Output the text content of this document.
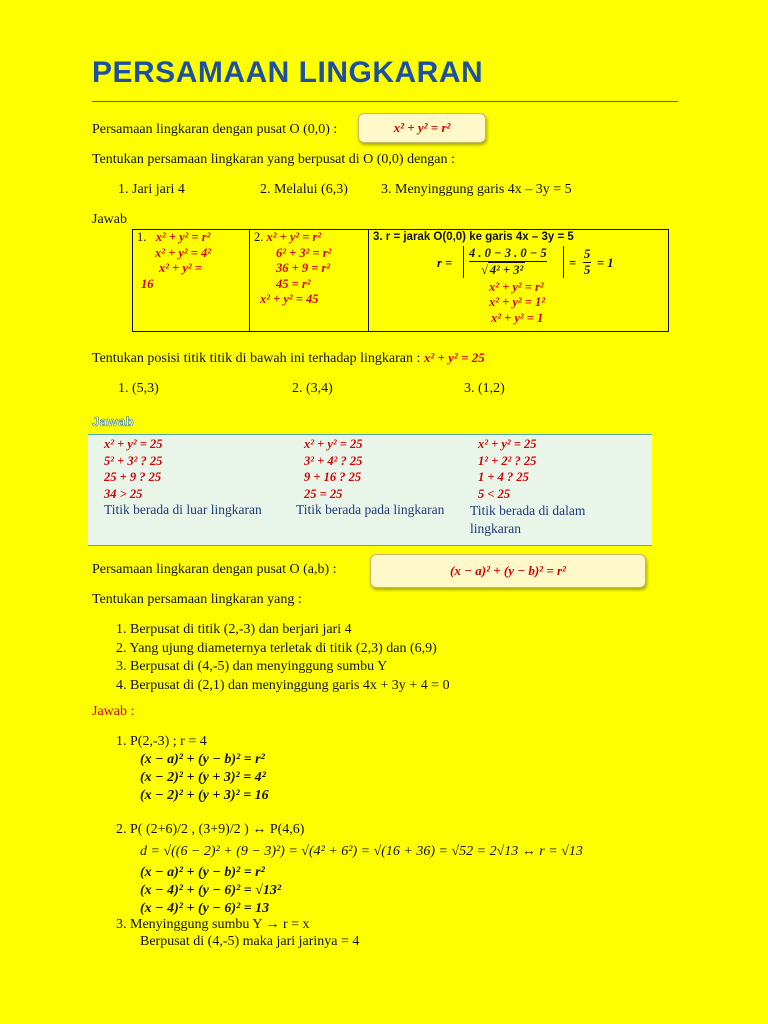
PERSAMAAN LINGKARAN
Persamaan lingkaran dengan pusat O (0,0) :	x² + y² = r²
Tentukan persamaan lingkaran yang berpusat di O (0,0) dengan :
1. Jari jari 4	2. Melalui (6,3) 3. Menyinggung garis 4x – 3y = 5
Jawab
1. x² + y² = r²
x² + y² = 4²
x² + y² =
16

2. x² + y² = r²
6² + 3² = r²
36 + 9 = r²
45 = r²
x² + y² = 45

3. r = jarak O(0,0) ke garis 4x – 3y = 5
r =
4 . 0 − 3 . 0 − 5
√ 4² + 3²	=
5
5 = 1
x² + y² = r²
x² + y² = 1²
x² + y² = 1
Tentukan posisi titik titik di bawah ini terhadap lingkaran : x² + y² = 25
1. (5,3)	2. (3,4)	3. (1,2)
Jawab
x² + y² = 25
5² + 3² ? 25
25 + 9 ? 25
34 > 25
Titik berada di luar lingkaran
x² + y² = 25
3² + 4² ? 25
9 + 16 ? 25
25 = 25
Titik berada pada lingkaran
x² + y² = 25
1² + 2² ? 25
1 + 4 ? 25
5 < 25
Titik berada di dalam lingkaran
Persamaan lingkaran dengan pusat O (a,b) :	(x − a)² + (y − b)² = r²
Tentukan persamaan lingkaran yang :
1. Berpusat di titik (2,-3) dan berjari jari 4
2. Yang ujung diameternya terletak di titik (2,3) dan (6,9)
3. Berpusat di (4,-5) dan menyinggung sumbu Y
4. Berpusat di (2,1) dan menyinggung garis 4x + 3y + 4 = 0
Jawab :
1. P(2,-3) ; r = 4
(x − a)² + (y − b)² = r²
(x − 2)² + (y + 3)² = 4²
(x − 2)² + (y + 3)² = 16
2. P( (2+6)/2 , (3+9)/2 ) ↔ P(4,6)
d = √((6 − 2)² + (9 − 3)²) = √(4² + 6²) = √(16 + 36) = √52 = 2√13 ↔ r = √13
(x − a)² + (y − b)² = r²
(x − 4)² + (y − 6)² = √13²
(x − 4)² + (y − 6)² = 13
3. Menyinggung sumbu Y → r = x
Berpusat di (4,-5) maka jari jarinya = 4
